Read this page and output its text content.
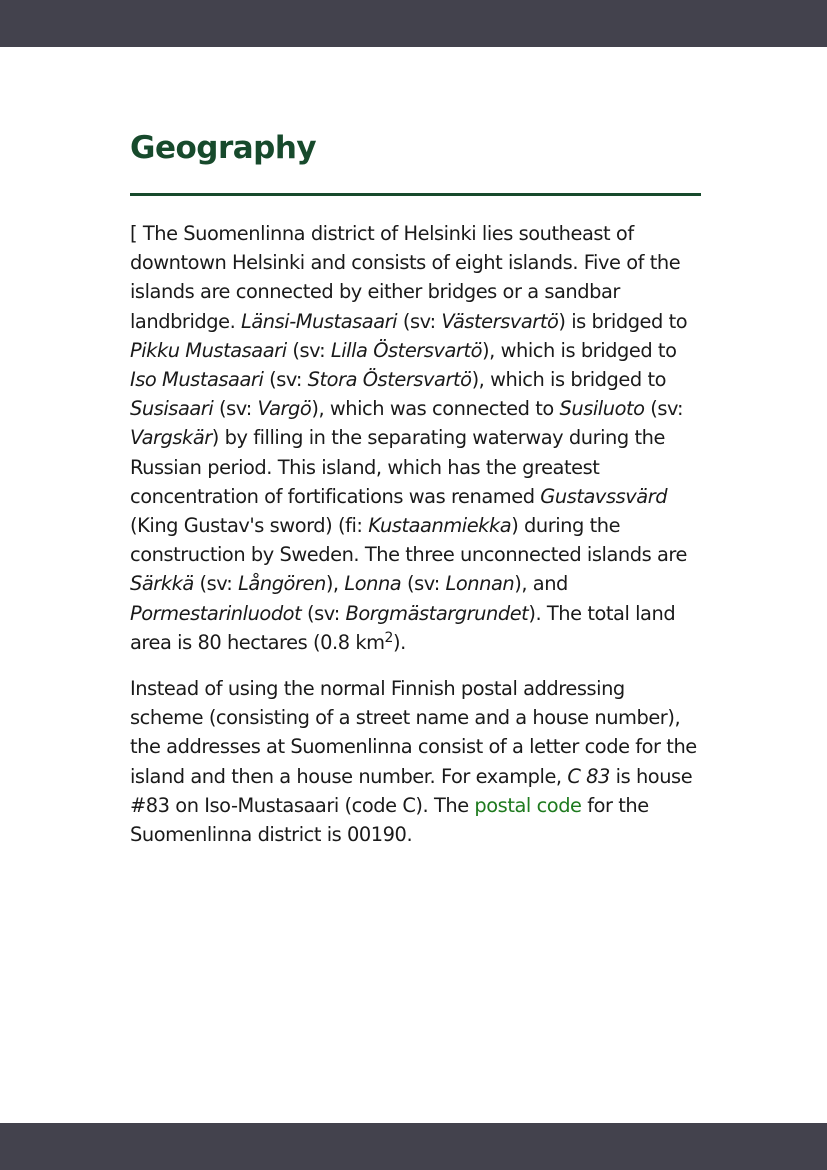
Geography

[ The Suomenlinna district of Helsinki lies southeast of downtown Helsinki and consists of eight islands. Five of the islands are connected by either bridges or a sandbar landbridge. Länsi-Mustasaari (sv: Västersvartö) is bridged to Pikku Mustasaari (sv: Lilla Östersvartö), which is bridged to Iso Mustasaari (sv: Stora Östersvartö), which is bridged to Susisaari (sv: Vargö), which was connected to Susiluoto (sv: Vargskär) by filling in the separating waterway during the Russian period. This island, which has the greatest concentration of fortifications was renamed Gustavssvärd (King Gustav's sword) (fi: Kustaanmiekka) during the construction by Sweden. The three unconnected islands are Särkkä (sv: Långören), Lonna (sv: Lonnan), and Pormestarinluodot (sv: Borgmästargrundet). The total land area is 80 hectares (0.8 $km^2$).

Instead of using the normal Finnish postal addressing scheme (consisting of a street name and a house number), the addresses at Suomenlinna consist of a letter code for the island and then a house number. For example, C 83 is house #83 on Iso-Mustasaari (code C). The postal code for the Suomenlinna district is 00190.
